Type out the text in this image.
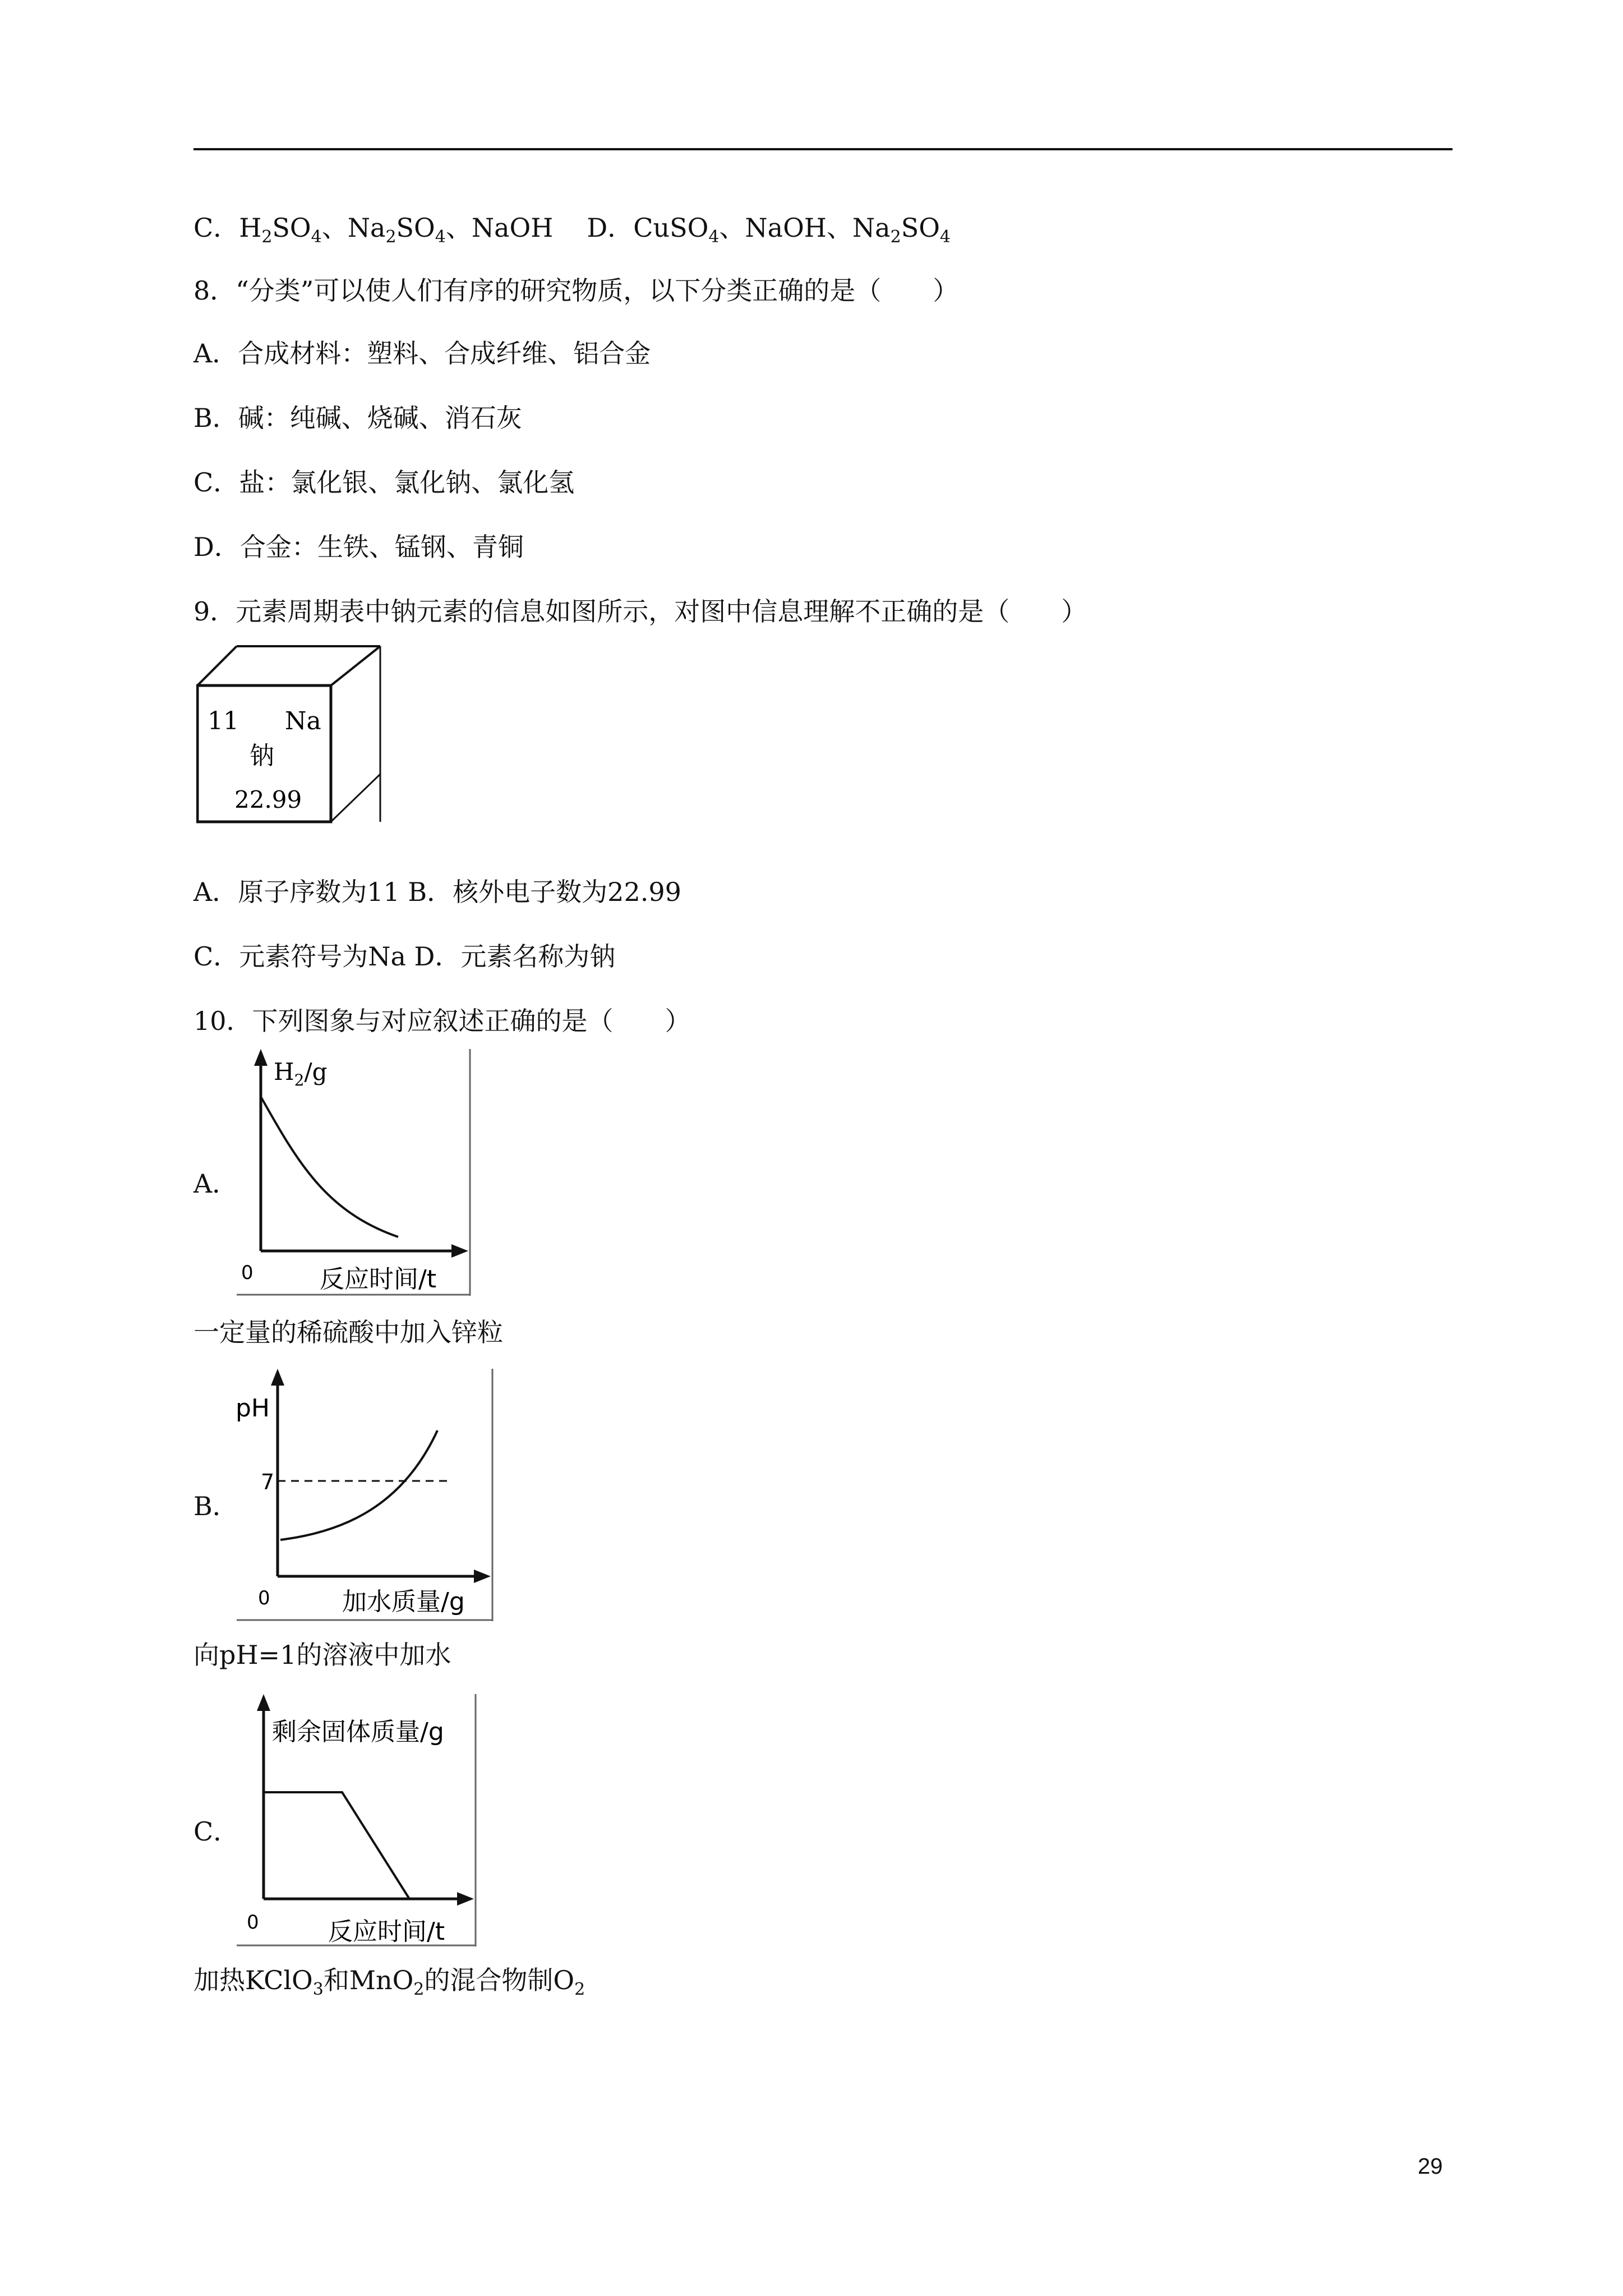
C．$H_2SO_4$、$Na_2SO_4$、NaOH D．CuSO$_4$、NaOH、$Na_2SO_4$
8．“分类”可以使人们有序的研究物质，以下分类正确的是（　　）
A．合成材料：塑料、合成纤维、铝合金
B．碱：纯碱、烧碱、消石灰
C．盐：氯化银、氯化钠、氯化氢
D．合金：生铁、锰钢、青铜
9．元素周期表中钠元素的信息如图所示，对图中信息理解不正确的是（　　）
11 Na
钠
22.99
A．原子序数为11 B．核外电子数为22.99
C．元素符号为Na D．元素名称为钠
10．下列图象与对应叙述正确的是（　　）
A．
$H_2/g$
0	反应时间/t
一定量的稀硫酸中加入锌粒
B．
pH
7
0	加水质量/g
向pH=1的溶液中加水
C．
剩余固体质量/g
0	反应时间/t
加热KClO$_3$和MnO$_2$的混合物制$O_2$
29
